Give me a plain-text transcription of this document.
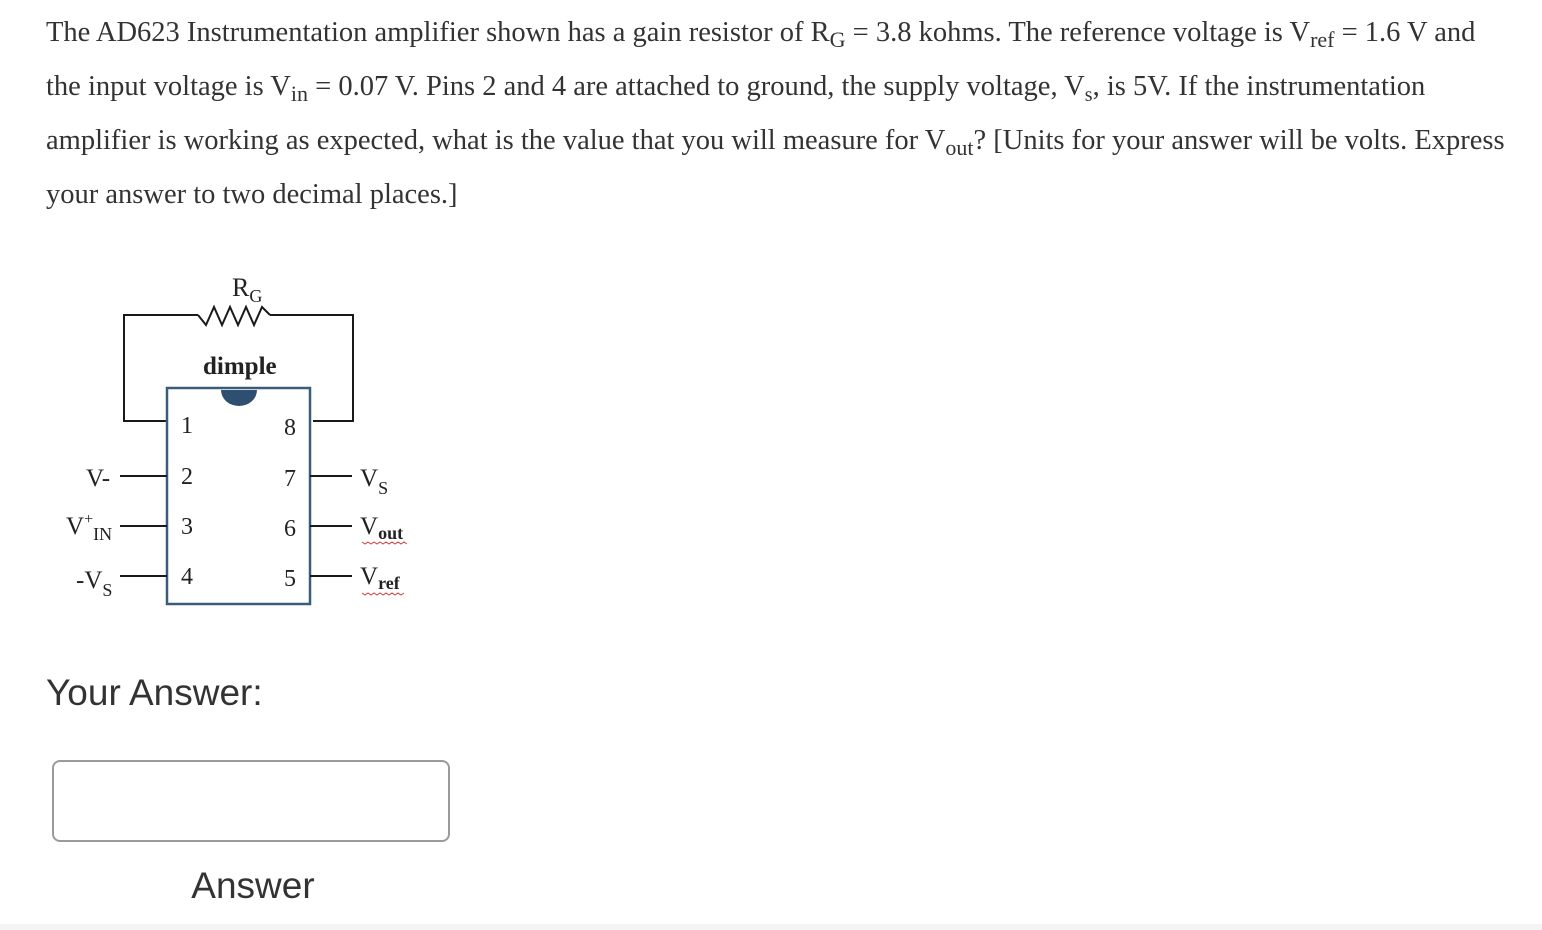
The AD623 Instrumentation amplifier shown has a gain resistor of $R_G = 3.8$ kohms. The reference voltage is $V_{ref} = 1.6$ V and the input voltage is $V_{in} = 0.07$ V. Pins 2 and 4 are attached to ground, the supply voltage, $V_s$, is 5V. If the instrumentation amplifier is working as expected, what is the value that you will measure for $V_{out}$? [Units for your answer will be volts. Express your answer to two decimal places.]

$R_G$
dimple
1
2
3
4
8
7
6
5
V-
$V^+_{IN}$
$-V_S$
$V_S$
$V_{out}$
$V_{ref}$
Your Answer:
Answer
